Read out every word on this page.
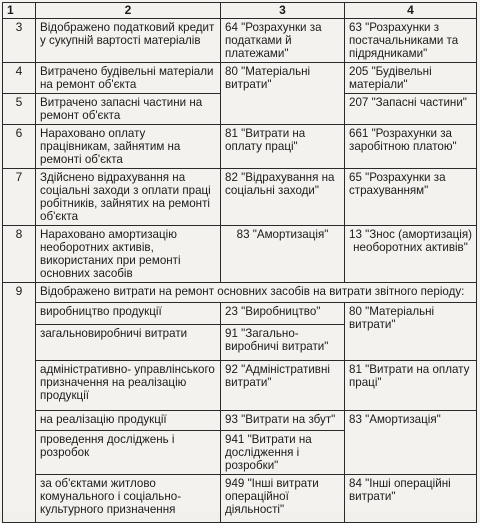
1	2	3	4
3	Відображено податковий кредит у сукупній вартості матеріалів	64 "Розрахунки за податками й платежами"	63 "Розрахунки з постачальниками та підрядниками"
4	Витрачено будівельні матеріали на ремонт об'єкта	80 "Матеріальні витрати"	205 "Будівельні матеріали"
5	Витрачено запасні частини на ремонт об'єкта		207 "Запасні частини"
6	Нараховано оплату працівникам, зайнятим на ремонті об'єкта	81 "Витрати на оплату праці"	661 "Розрахунки за заробітною платою"
7	Здійснено відрахування на соціальні заходи з оплати праці робітників, зайнятих на ремонті об'єкта	82 "Відрахування на соціальні заходи"	65 "Розрахунки за страхуванням"
8	Нараховано амортизацію необоротних активів, використаних при ремонті основних засобів	83 "Амортизація"	13 "Знос (амортизація) необоротних активів"
9	Відображено витрати на ремонт основних засобів на витрати звітного періоду:		
	виробництво продукції	23 "Виробництво"	80 "Матеріальні витрати"
	загальновиробничі витрати	91 "Загально-виробничі витрати"	
	адміністративно- управлінського призначення на реалізацію продукції	92 "Адміністративні витрати"	81 "Витрати на оплату праці"
	на реалізацію продукції	93 "Витрати на збут"	83 "Амортизація"
	проведення досліджень і розробок	941 "Витрати на дослідження і розробки"	
	за об'єктами житлово комунального і соціально-культурного призначення	949 "Інші витрати операційної діяльності"	84 "Інші операційні витрати"
